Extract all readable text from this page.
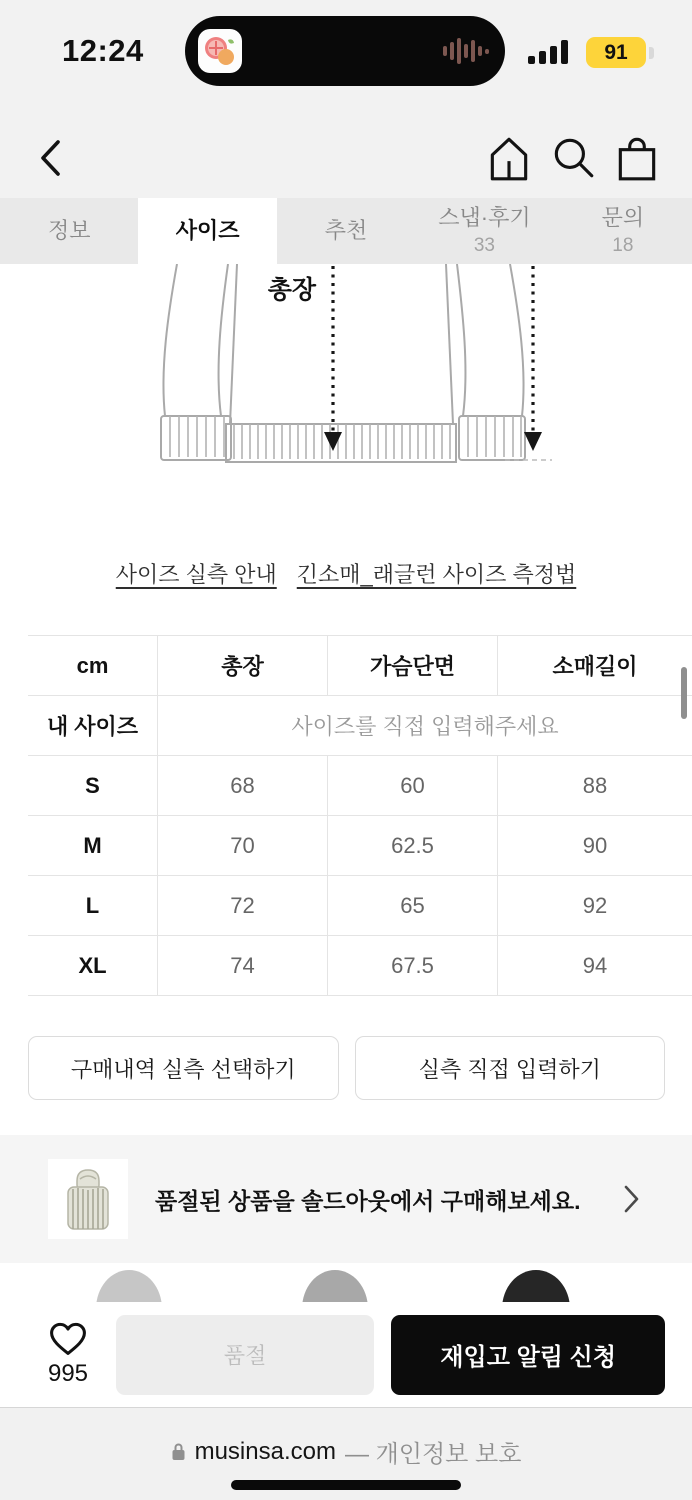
12:24	91
정보	사이즈	추천
스냅·후기
33
문의
18
총장
사이즈 실측 안내 긴소매_래글런 사이즈 측정법
cm	총장	가슴단면	소매길이
내 사이즈	사이즈를 직접 입력해주세요
S	68	60	88
M	70	62.5	90
L	72	65	92
XL	74	67.5	94
구매내역 실측 선택하기	실측 직접 입력하기
품절된 상품을 솔드아웃에서 구매해보세요.
995
품절	재입고 알림 신청
musinsa.com — 개인정보 보호
